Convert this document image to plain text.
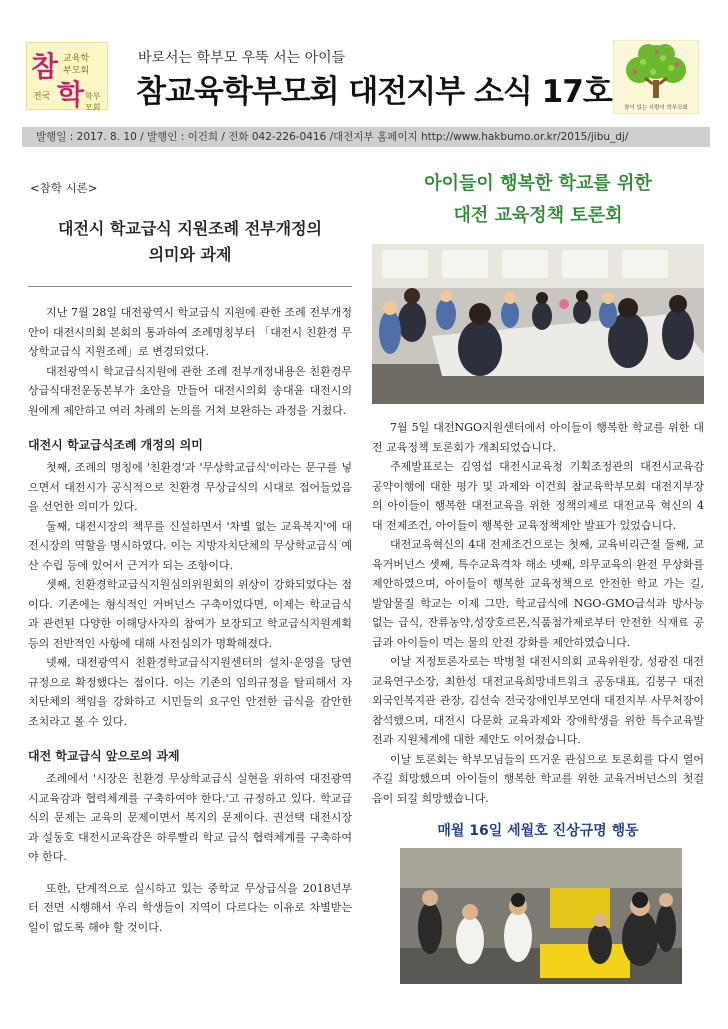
참 교육학
부모회
전국 학 학부모회
바로서는 학부모 우뚝 서는 아이들
참교육학부모회 대전지부 소식 17호 참이 있는 사람이 학부모회
발행일 : 2017. 8. 10 / 발행인 : 이건희 / 전화 042-226-0416 /대전지부 홈페이지 http://www.hakbumo.or.kr/2015/jibu_dj/

<참학 시론>

대전시 학교급식 지원조례 전부개정의
의미와 과제

지난 7월 28일 대전광역시 학교급식 지원에 관한 조례 전부개정안이 대전시의회 본회의 통과하여 조례명칭부터 「대전시 친환경 무상학교급식 지원조례」로 변경되었다.

대전광역시 학교급식지원에 관한 조례 전부개정내용은 친환경무상급식대전운동본부가 초안을 만들어 대전시의회 송대윤 대전시의원에게 제안하고 여러 차례의 논의를 거쳐 보완하는 과정을 거쳤다.

대전시 학교급식조례 개정의 의미

첫째, 조례의 명칭에 '친환경'과 '무상학교급식'이라는 문구를 넣으면서 대전시가 공식적으로 친환경 무상급식의 시대로 접어들었음을 선언한 의미가 있다.

둘째, 대전시장의 책무를 신설하면서 '차별 없는 교육복지'에 대전시장의 역할을 명시하였다. 이는 지방자치단체의 무상학교급식 예산 수립 등에 있어서 근거가 되는 조항이다.

셋째, 친환경학교급식지원심의위원회의 위상이 강화되었다는 점이다. 기존에는 형식적인 거버넌스 구축이었다면, 이제는 학교급식과 관련된 다양한 이해당사자의 참여가 보장되고 학교급식지원계획 등의 전반적인 사항에 대해 사전심의가 명확해졌다.

넷째, 대전광역시 친환경학교급식지원센터의 설치·운영을 당연규정으로 확정했다는 점이다. 이는 기존의 임의규정을 탈피해서 자치단체의 책임을 강화하고 시민들의 요구인 안전한 급식을 감안한 조치라고 볼 수 있다.

대전 학교급식 앞으로의 과제

조례에서 '시장은 친환경 무상학교급식 실현을 위하여 대전광역시교육감과 협력체계를 구축하여야 한다.'고 규정하고 있다. 학교급식의 문제는 교육의 문제이면서 복지의 문제이다. 권선택 대전시장과 설동호 대전시교육감은 하루빨리 학교 급식 협력체계를 구축하여야 한다.

또한, 단계적으로 실시하고 있는 중학교 무상급식을 2018년부터 전면 시행해서 우리 학생들이 지역이 다르다는 이유로 차별받는 일이 없도록 해야 할 것이다.

아이들이 행복한 학교를 위한
대전 교육정책 토론회

7월 5일 대전NGO지원센터에서 아이들이 행복한 학교를 위한 대전 교육정책 토론회가 개최되었습니다.

주제발표로는 김영섭 대전시교육청 기획조정관의 대전시교육감 공약이행에 대한 평가 및 과제와 이건희 참교육학부모회 대전지부장의 아이들이 행복한 대전교육을 위한 정책의제로 대전교육 혁신의 4대 전제조건, 아이들이 행복한 교육정책제안 발표가 있었습니다.

대전교육혁신의 4대 전제조건으로는 첫째, 교육비리근절 둘째, 교육거버넌스 셋째, 특수교육격차 해소 넷째, 의무교육의 완전 무상화를 제안하였으며, 아이들이 행복한 교육정책으로 안전한 학교 가는 길, 발암물질 학교는 이제 그만, 학교급식에 NGO-GMO급식과 방사능 없는 급식, 잔류농약,성장호르몬,식품첨가제로부터 안전한 식재료 공급과 아이들이 먹는 물의 안전 강화를 제안하였습니다.

이날 지정토론자로는 박병철 대전시의회 교육위원장, 성광진 대전교육연구소장, 최한성 대전교육희망네트워크 공동대표, 김봉구 대전외국인복지관 관장, 김선숙 전국장애인부모연대 대전지부 사무처장이 참석했으며, 대전시 다문화 교육과제와 장애학생을 위한 특수교육발전과 지원체계에 대한 제안도 이어졌습니다.

이날 토론회는 학부모님들의 뜨거운 관심으로 토론회를 다시 열어주길 희망했으며 아이들이 행복한 학교를 위한 교육거버넌스의 첫걸음이 되길 희망했습니다.

매월 16일 세월호 진상규명 행동
